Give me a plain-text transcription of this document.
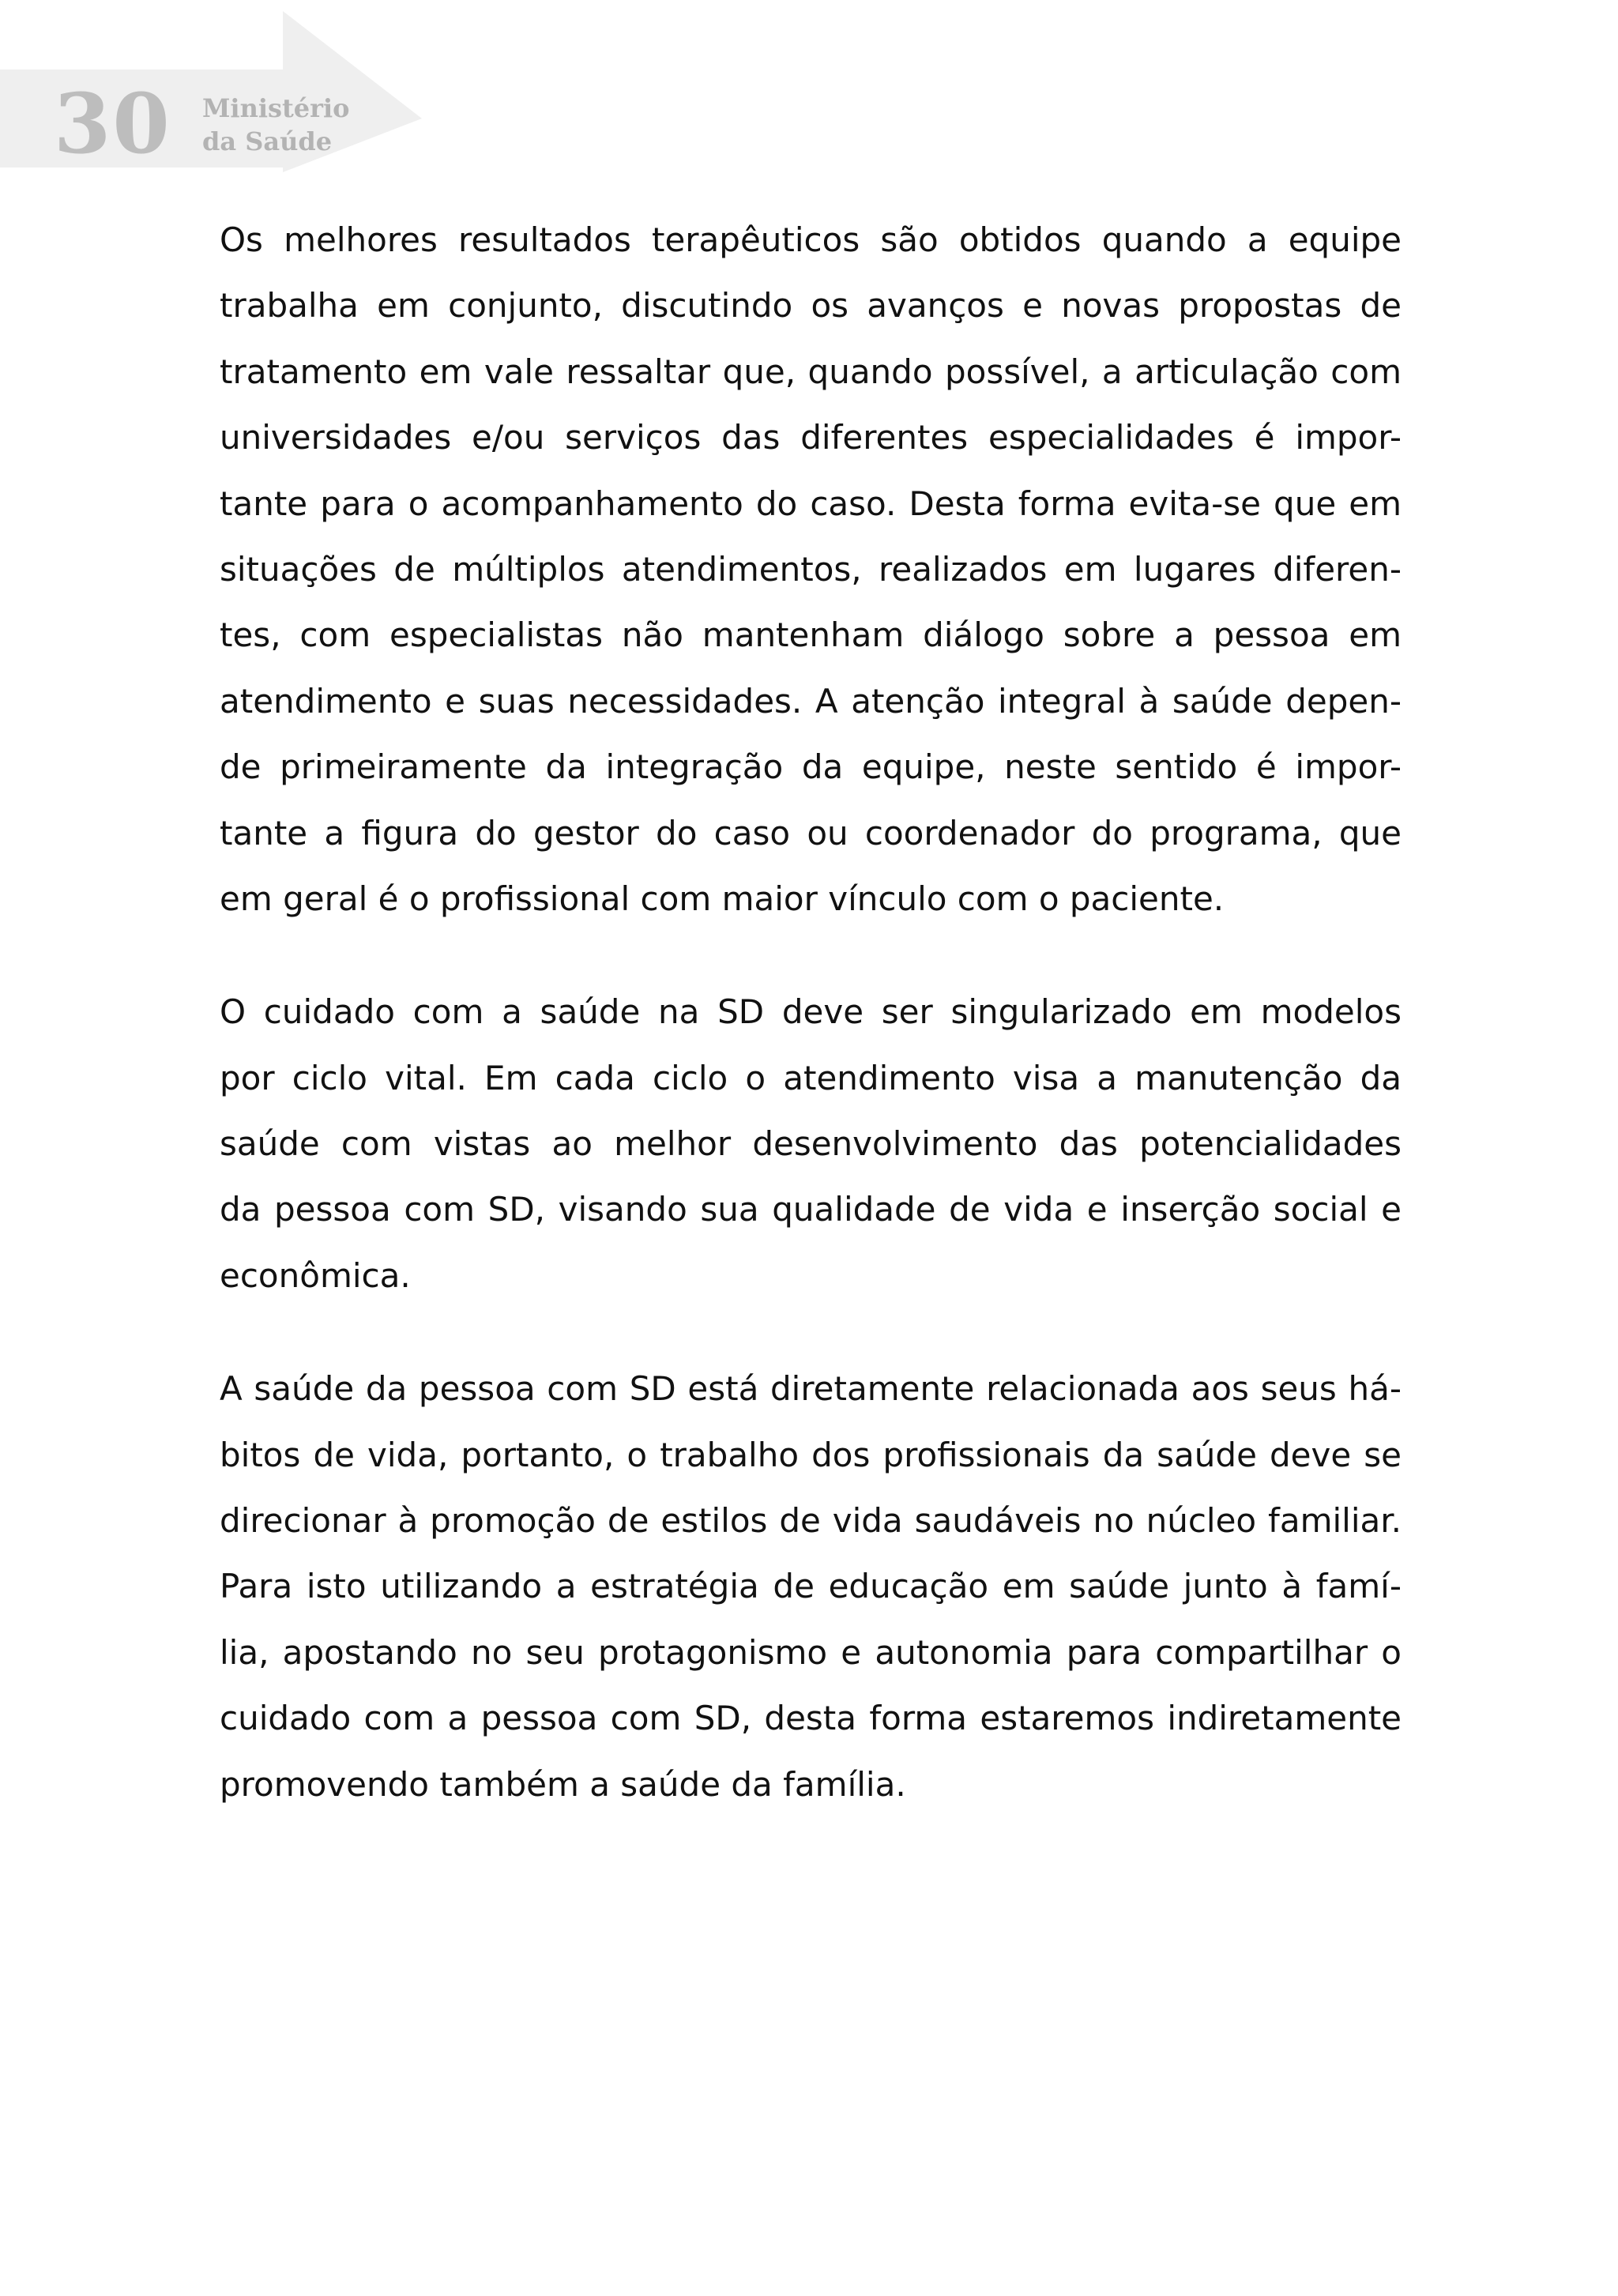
30 Ministério
da Saúde
Os melhores resultados terapêuticos são obtidos quando a equipe
trabalha em conjunto, discutindo os avanços e novas propostas de
tratamento em vale ressaltar que, quando possível, a articulação com
universidades e/ou serviços das diferentes especialidades é impor-
tante para o acompanhamento do caso. Desta forma evita-se que em
situações de múltiplos atendimentos, realizados em lugares diferen-
tes, com especialistas não mantenham diálogo sobre a pessoa em
atendimento e suas necessidades. A atenção integral à saúde depen-
de primeiramente da integração da equipe, neste sentido é impor-
tante a figura do gestor do caso ou coordenador do programa, que
em geral é o profissional com maior vínculo com o paciente.
O cuidado com a saúde na SD deve ser singularizado em modelos
por ciclo vital. Em cada ciclo o atendimento visa a manutenção da
saúde com vistas ao melhor desenvolvimento das potencialidades
da pessoa com SD, visando sua qualidade de vida e inserção social e
econômica.
A saúde da pessoa com SD está diretamente relacionada aos seus há-
bitos de vida, portanto, o trabalho dos profissionais da saúde deve se
direcionar à promoção de estilos de vida saudáveis no núcleo familiar.
Para isto utilizando a estratégia de educação em saúde junto à famí-
lia, apostando no seu protagonismo e autonomia para compartilhar o
cuidado com a pessoa com SD, desta forma estaremos indiretamente
promovendo também a saúde da família.
